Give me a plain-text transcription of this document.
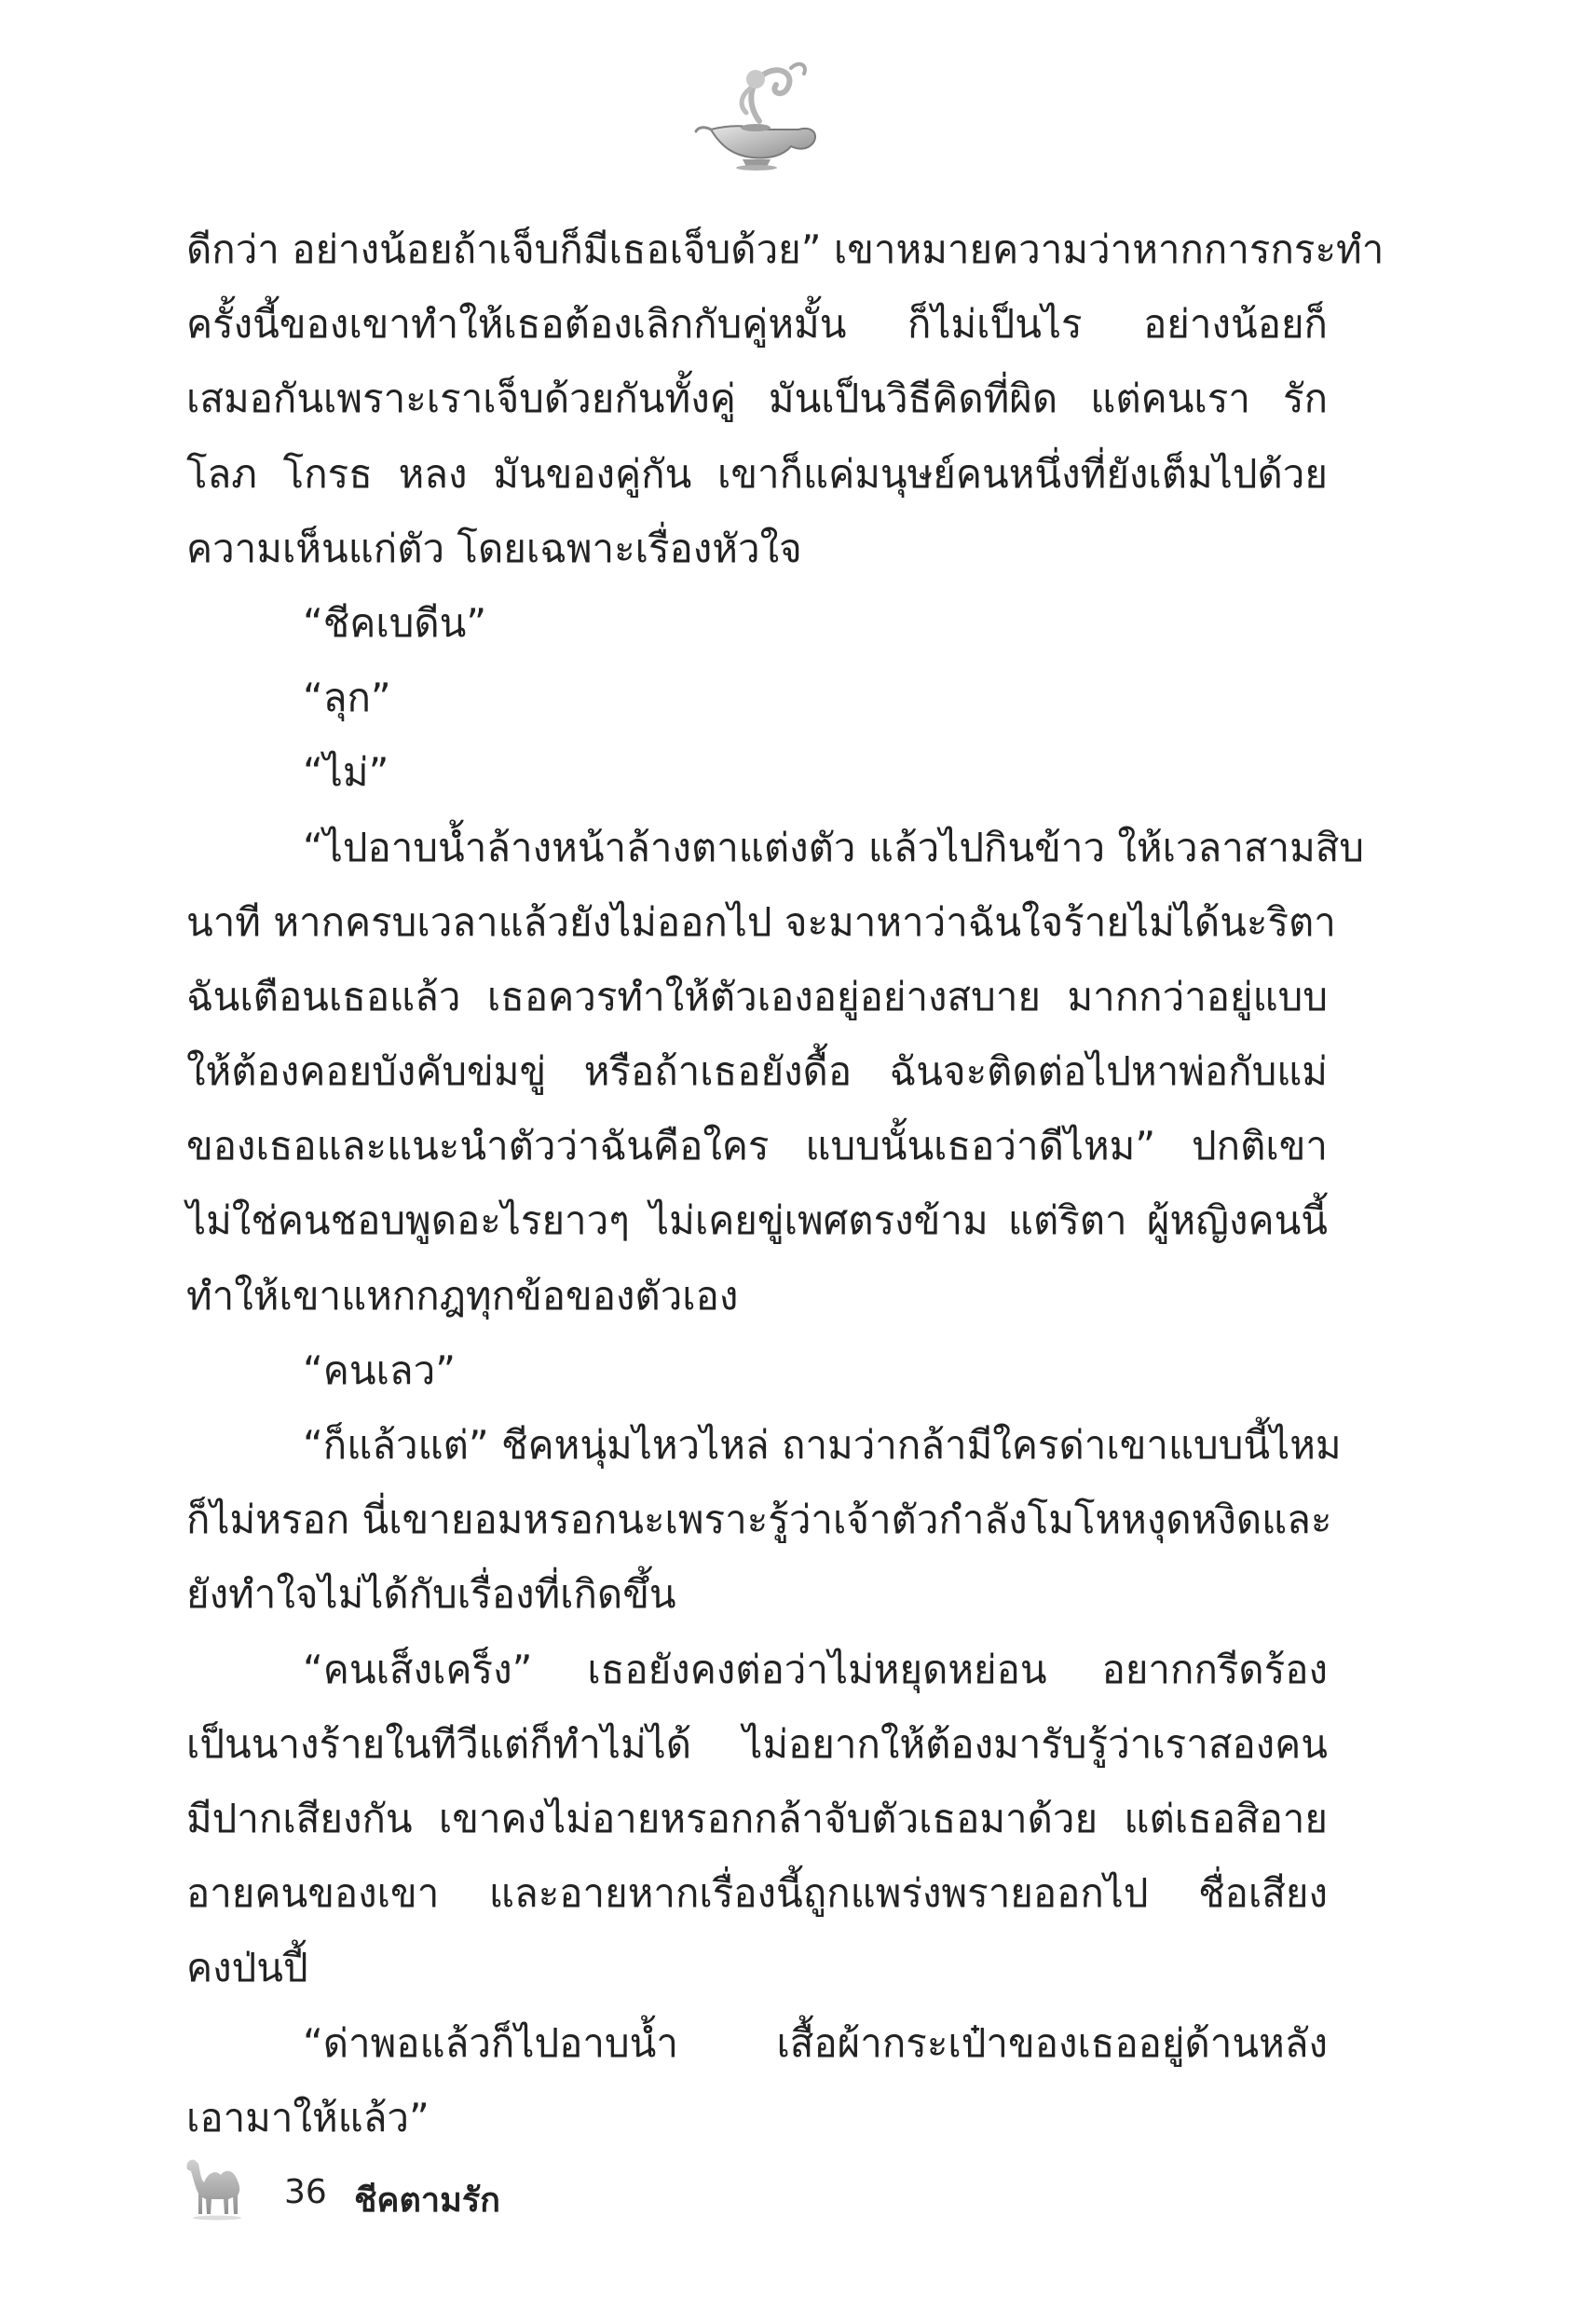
ดีกว่า อย่างน้อยถ้าเจ็บก็มีเธอเจ็บด้วย” เขาหมายความว่าหากการกระทำ
ครั้งนี้ของเขาทำให้เธอต้องเลิกกับคู่หมั้น ก็ไม่เป็นไร อย่างน้อยก็
เสมอกันเพราะเราเจ็บด้วยกันทั้งคู่ มันเป็นวิธีคิดที่ผิด แต่คนเรา รัก
โลภ โกรธ หลง มันของคู่กัน เขาก็แค่มนุษย์คนหนึ่งที่ยังเต็มไปด้วย
ความเห็นแก่ตัว โดยเฉพาะเรื่องหัวใจ
“ชีคเบดีน”
“ลุก”
“ไม่”
“ไปอาบน้ำล้างหน้าล้างตาแต่งตัว แล้วไปกินข้าว ให้เวลาสามสิบ
นาที หากครบเวลาแล้วยังไม่ออกไป จะมาหาว่าฉันใจร้ายไม่ได้นะริตา
ฉันเตือนเธอแล้ว เธอควรทำให้ตัวเองอยู่อย่างสบาย มากกว่าอยู่แบบ
ให้ต้องคอยบังคับข่มขู่ หรือถ้าเธอยังดื้อ ฉันจะติดต่อไปหาพ่อกับแม่
ของเธอและแนะนำตัวว่าฉันคือใคร แบบนั้นเธอว่าดีไหม” ปกติเขา
ไม่ใช่คนชอบพูดอะไรยาวๆ ไม่เคยขู่เพศตรงข้าม แต่ริตา ผู้หญิงคนนี้
ทำให้เขาแหกกฎทุกข้อของตัวเอง
“คนเลว”
“ก็แล้วแต่” ชีคหนุ่มไหวไหล่ ถามว่ากล้ามีใครด่าเขาแบบนี้ไหม
ก็ไม่หรอก นี่เขายอมหรอกนะเพราะรู้ว่าเจ้าตัวกำลังโมโหหงุดหงิดและ
ยังทำใจไม่ได้กับเรื่องที่เกิดขึ้น
“คนเส็งเคร็ง” เธอยังคงต่อว่าไม่หยุดหย่อน อยากกรีดร้อง
เป็นนางร้ายในทีวีแต่ก็ทำไม่ได้ ไม่อยากให้ต้องมารับรู้ว่าเราสองคน
มีปากเสียงกัน เขาคงไม่อายหรอกกล้าจับตัวเธอมาด้วย แต่เธอสิอาย
อายคนของเขา และอายหากเรื่องนี้ถูกแพร่งพรายออกไป ชื่อเสียง
คงป่นปี้
“ด่าพอแล้วก็ไปอาบน้ำ เสื้อผ้ากระเป๋าของเธออยู่ด้านหลัง
เอามาให้แล้ว”
36 ชีคตามรัก
